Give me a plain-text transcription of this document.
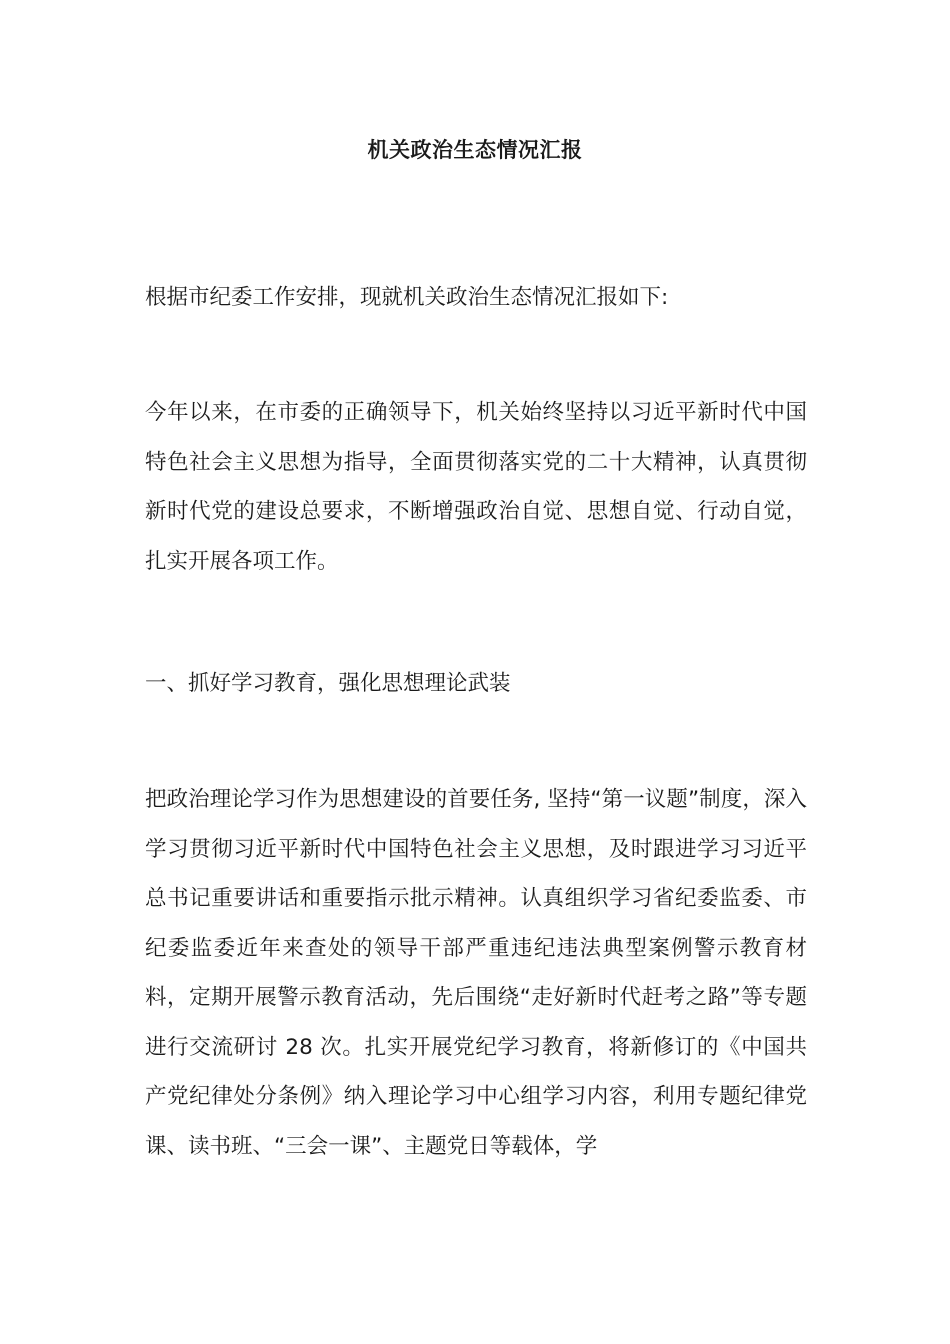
机关政治生态情况汇报

根据市纪委工作安排，现就机关政治生态情况汇报如下:

今年以来，在市委的正确领导下，机关始终坚持以习近平新时代中国特色社会主义思想为指导，全面贯彻落实党的二十大精神，认真贯彻新时代党的建设总要求，不断增强政治自觉、思想自觉、行动自觉，扎实开展各项工作。

一、抓好学习教育，强化思想理论武装

把政治理论学习作为思想建设的首要任务, 坚持“第一议题”制度，深入学习贯彻习近平新时代中国特色社会主义思想，及时跟进学习习近平总书记重要讲话和重要指示批示精神。认真组织学习省纪委监委、市纪委监委近年来查处的领导干部严重违纪违法典型案例警示教育材料，定期开展警示教育活动，先后围绕“走好新时代赶考之路”等专题进行交流研讨 28 次。扎实开展党纪学习教育，将新修订的《中国共产党纪律处分条例》纳入理论学习中心组学习内容，利用专题纪律党课、读书班、“三会一课”、主题党日等载体，学
